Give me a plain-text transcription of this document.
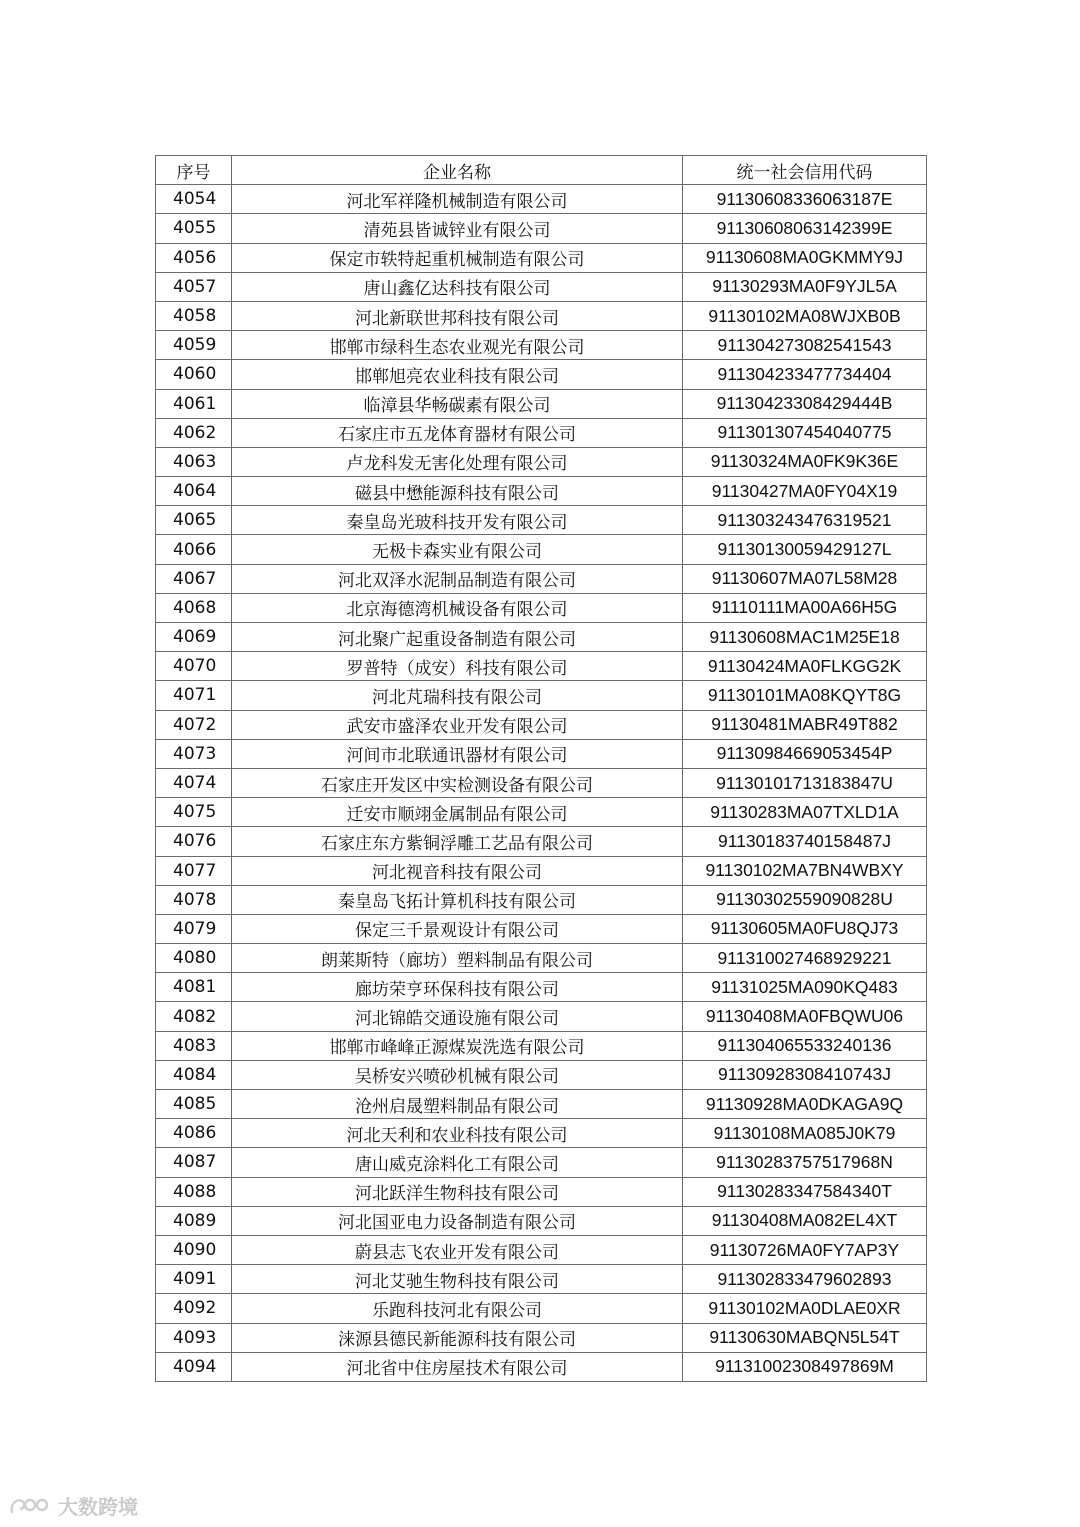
序号	企业名称	统一社会信用代码
4054	河北军祥隆机械制造有限公司	91130608336063187E
4055	清苑县皆诚锌业有限公司	91130608063142399E
4056	保定市轶特起重机械制造有限公司	91130608MA0GKMMY9J
4057	唐山鑫亿达科技有限公司	91130293MA0F9YJL5A
4058	河北新联世邦科技有限公司	91130102MA08WJXB0B
4059	邯郸市绿科生态农业观光有限公司	911304273082541543
4060	邯郸旭亮农业科技有限公司	911304233477734404
4061	临漳县华畅碳素有限公司	91130423308429444B
4062	石家庄市五龙体育器材有限公司	911301307454040775
4063	卢龙科发无害化处理有限公司	91130324MA0FK9K36E
4064	磁县中懋能源科技有限公司	91130427MA0FY04X19
4065	秦皇岛光玻科技开发有限公司	911303243476319521
4066	无极卡森实业有限公司	91130130059429127L
4067	河北双泽水泥制品制造有限公司	91130607MA07L58M28
4068	北京海德湾机械设备有限公司	91110111MA00A66H5G
4069	河北聚广起重设备制造有限公司	91130608MAC1M25E18
4070	罗普特（成安）科技有限公司	91130424MA0FLKGG2K
4071	河北芃瑞科技有限公司	91130101MA08KQYT8G
4072	武安市盛泽农业开发有限公司	91130481MABR49T882
4073	河间市北联通讯器材有限公司	91130984669053454P
4074	石家庄开发区中实检测设备有限公司	91130101713183847U
4075	迁安市顺翊金属制品有限公司	91130283MA07TXLD1A
4076	石家庄东方紫铜浮雕工艺品有限公司	91130183740158487J
4077	河北视音科技有限公司	91130102MA7BN4WBXY
4078	秦皇岛飞拓计算机科技有限公司	91130302559090828U
4079	保定三千景观设计有限公司	91130605MA0FU8QJ73
4080	朗莱斯特（廊坊）塑料制品有限公司	911310027468929221
4081	廊坊荣亨环保科技有限公司	91131025MA090KQ483
4082	河北锦皓交通设施有限公司	91130408MA0FBQWU06
4083	邯郸市峰峰正源煤炭洗选有限公司	911304065533240136
4084	吴桥安兴喷砂机械有限公司	91130928308410743J
4085	沧州启晟塑料制品有限公司	91130928MA0DKAGA9Q
4086	河北天利和农业科技有限公司	91130108MA085J0K79
4087	唐山威克涂料化工有限公司	91130283757517968N
4088	河北跃洋生物科技有限公司	91130283347584340T
4089	河北国亚电力设备制造有限公司	91130408MA082EL4XT
4090	蔚县志飞农业开发有限公司	91130726MA0FY7AP3Y
4091	河北艾驰生物科技有限公司	911302833479602893
4092	乐跑科技河北有限公司	91130102MA0DLAE0XR
4093	涞源县德民新能源科技有限公司	91130630MABQN5L54T
4094	河北省中住房屋技术有限公司	91131002308497869M
大数跨境
